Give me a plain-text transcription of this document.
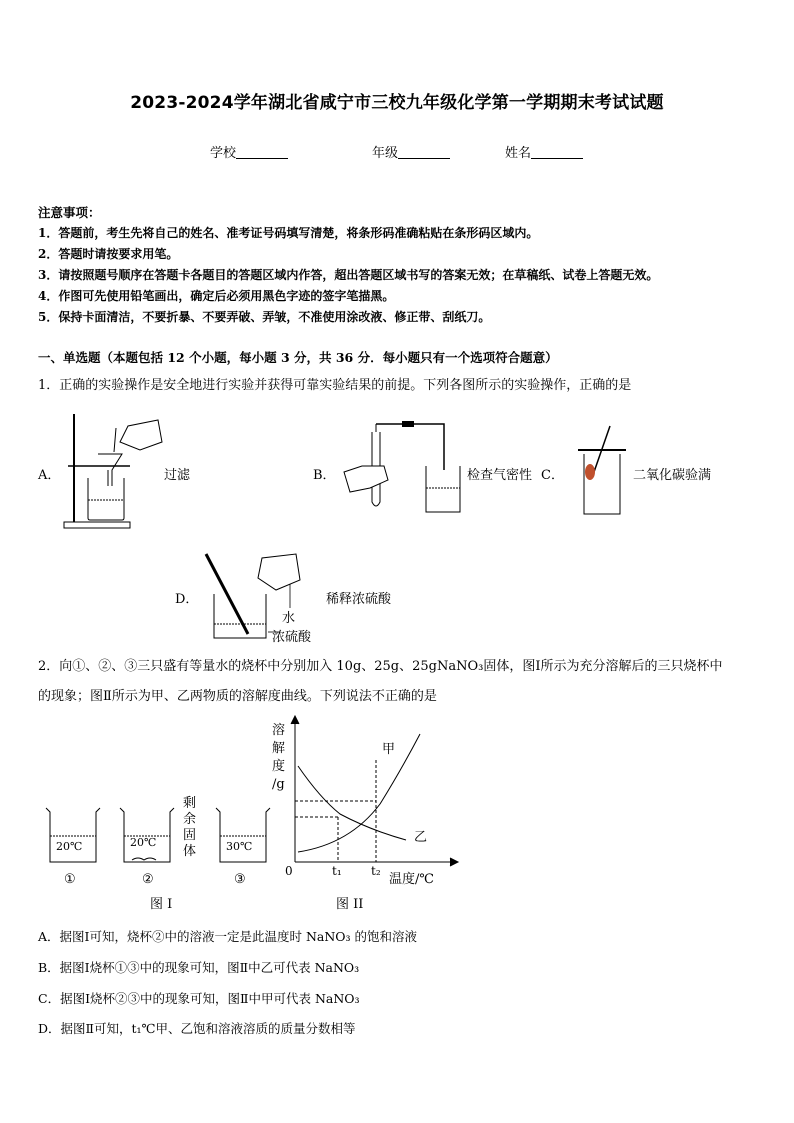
2023-2024学年湖北省咸宁市三校九年级化学第一学期期末考试试题
学校	年级	姓名
注意事项：
1．答题前，考生先将自己的姓名、准考证号码填写清楚，将条形码准确粘贴在条形码区域内。
2．答题时请按要求用笔。
3．请按照题号顺序在答题卡各题目的答题区域内作答，超出答题区域书写的答案无效；在草稿纸、试卷上答题无效。
4．作图可先使用铅笔画出，确定后必须用黑色字迹的签字笔描黑。
5．保持卡面清洁，不要折暴、不要弄破、弄皱，不准使用涂改液、修正带、刮纸刀。
一、单选题（本题包括 12 个小题，每小题 3 分，共 36 分．每小题只有一个选项符合题意）
1．正确的实验操作是安全地进行实验并获得可靠实验结果的前提。下列各图所示的实验操作，正确的是
A．	过滤	B．	检查气密性 C．	二氧化碳验满
D．
水
浓硫酸
稀释浓硫酸
2．向①、②、③三只盛有等量水的烧杯中分别加入 10g、25g、25gNaNO₃固体，图Ⅰ所示为充分溶解后的三只烧杯中
的现象；图Ⅱ所示为甲、乙两物质的溶解度曲线。下列说法不正确的是
20℃
①
20℃
②
剩
余
固
体	30℃
③
图 I
溶
解
度
/g
甲
乙
0	t₁ t₂
温度/℃
图 II
A．据图Ⅰ可知，烧杯②中的溶液一定是此温度时 NaNO₃ 的饱和溶液
B．据图Ⅰ烧杯①③中的现象可知，图Ⅱ中乙可代表 NaNO₃
C．据图Ⅰ烧杯②③中的现象可知，图Ⅱ中甲可代表 NaNO₃
D．据图Ⅱ可知，t₁℃甲、乙饱和溶液溶质的质量分数相等
